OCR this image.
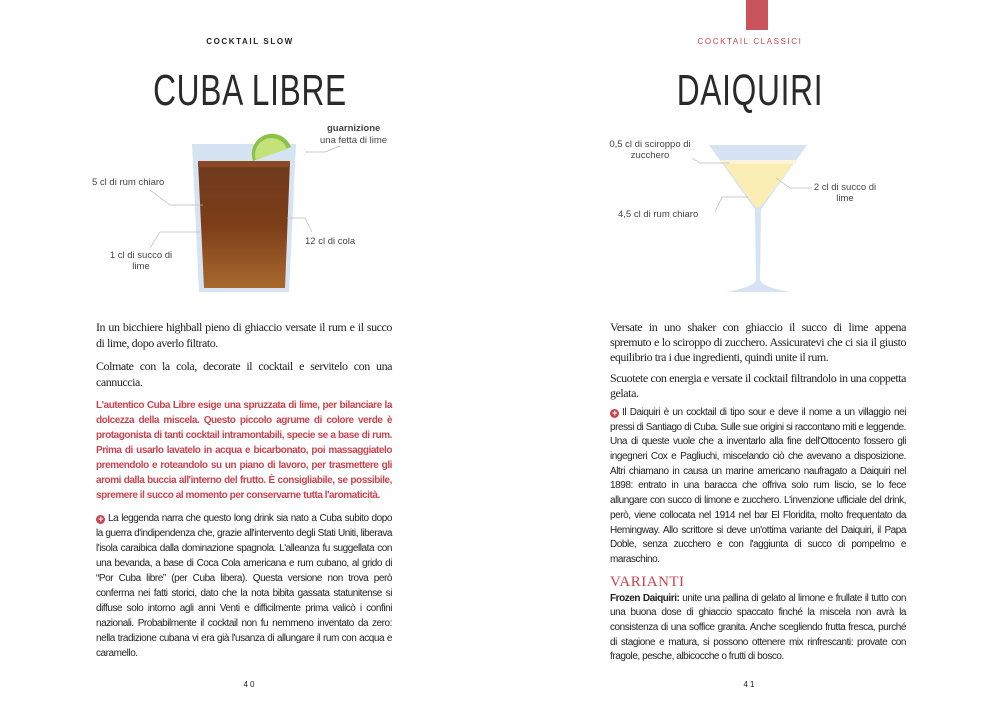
COCKTAIL SLOW
CUBA LIBRE
guarnizione
una fetta di lime
5 cl di rum chiaro
12 cl di cola
1 cl di succo di lime

In un bicchiere highball pieno di ghiaccio versate il rum e il succo di lime, dopo averlo filtrato.

Colmate con la cola, decorate il cocktail e servitelo con una cannuccia.

L'autentico Cuba Libre esige una spruzzata di lime, per bilanciare la dolcezza della miscela. Questo piccolo agrume di colore verde è protagonista di tanti cocktail intramontabili, specie se a base di rum. Prima di usarlo lavatelo in acqua e bicarbonato, poi massaggiatelo premendolo e roteandolo su un piano di lavoro, per trasmettere gli aromi dalla buccia all'interno del frutto. È consigliabile, se possibile, spremere il succo al momento per conservarne tutta l'aromaticità.

+ La leggenda narra che questo long drink sia nato a Cuba subito dopo la guerra d'indipendenza che, grazie all'intervento degli Stati Uniti, liberava l'isola caraibica dalla dominazione spagnola. L'alleanza fu suggellata con una bevanda, a base di Coca Cola americana e rum cubano, al grido di “Por Cuba libre” (per Cuba libera). Questa versione non trova però conferma nei fatti storici, dato che la nota bibita gassata statunitense si diffuse solo intorno agli anni Venti e difficilmente prima valicò i confini nazionali. Probabilmente il cocktail non fu nemmeno inventato da zero: nella tradizione cubana vi era già l'usanza di allungare il rum con acqua e caramello.

40
COCKTAIL CLASSICI
DAIQUIRI
0,5 cl di sciroppo di zucchero
2 cl di succo di lime
4,5 cl di rum chiaro

Versate in uno shaker con ghiaccio il succo di lime appena spremuto e lo sciroppo di zucchero. Assicuratevi che ci sia il giusto equilibrio tra i due ingredienti, quindi unite il rum.

Scuotete con energia e versate il cocktail filtrandolo in una coppetta gelata.

+ Il Daiquiri è un cocktail di tipo sour e deve il nome a un villaggio nei pressi di Santiago di Cuba. Sulle sue origini si raccontano miti e leggende. Una di queste vuole che a inventarlo alla fine dell'Ottocento fossero gli ingegneri Cox e Pagliuchi, miscelando ciò che avevano a disposizione. Altri chiamano in causa un marine americano naufragato a Daiquiri nel 1898: entrato in una baracca che offriva solo rum liscio, se lo fece allungare con succo di limone e zucchero. L'invenzione ufficiale del drink, però, viene collocata nel 1914 nel bar El Floridita, molto frequentato da Hemingway. Allo scrittore si deve un'ottima variante del Daiquiri, il Papa Doble, senza zucchero e con l'aggiunta di succo di pompelmo e maraschino.

VARIANTI

Frozen Daiquiri: unite una pallina di gelato al limone e frullate il tutto con una buona dose di ghiaccio spaccato finché la miscela non avrà la consistenza di una soffice granita. Anche scegliendo frutta fresca, purché di stagione e matura, si possono ottenere mix rinfrescanti: provate con fragole, pesche, albicocche o frutti di bosco.

41
